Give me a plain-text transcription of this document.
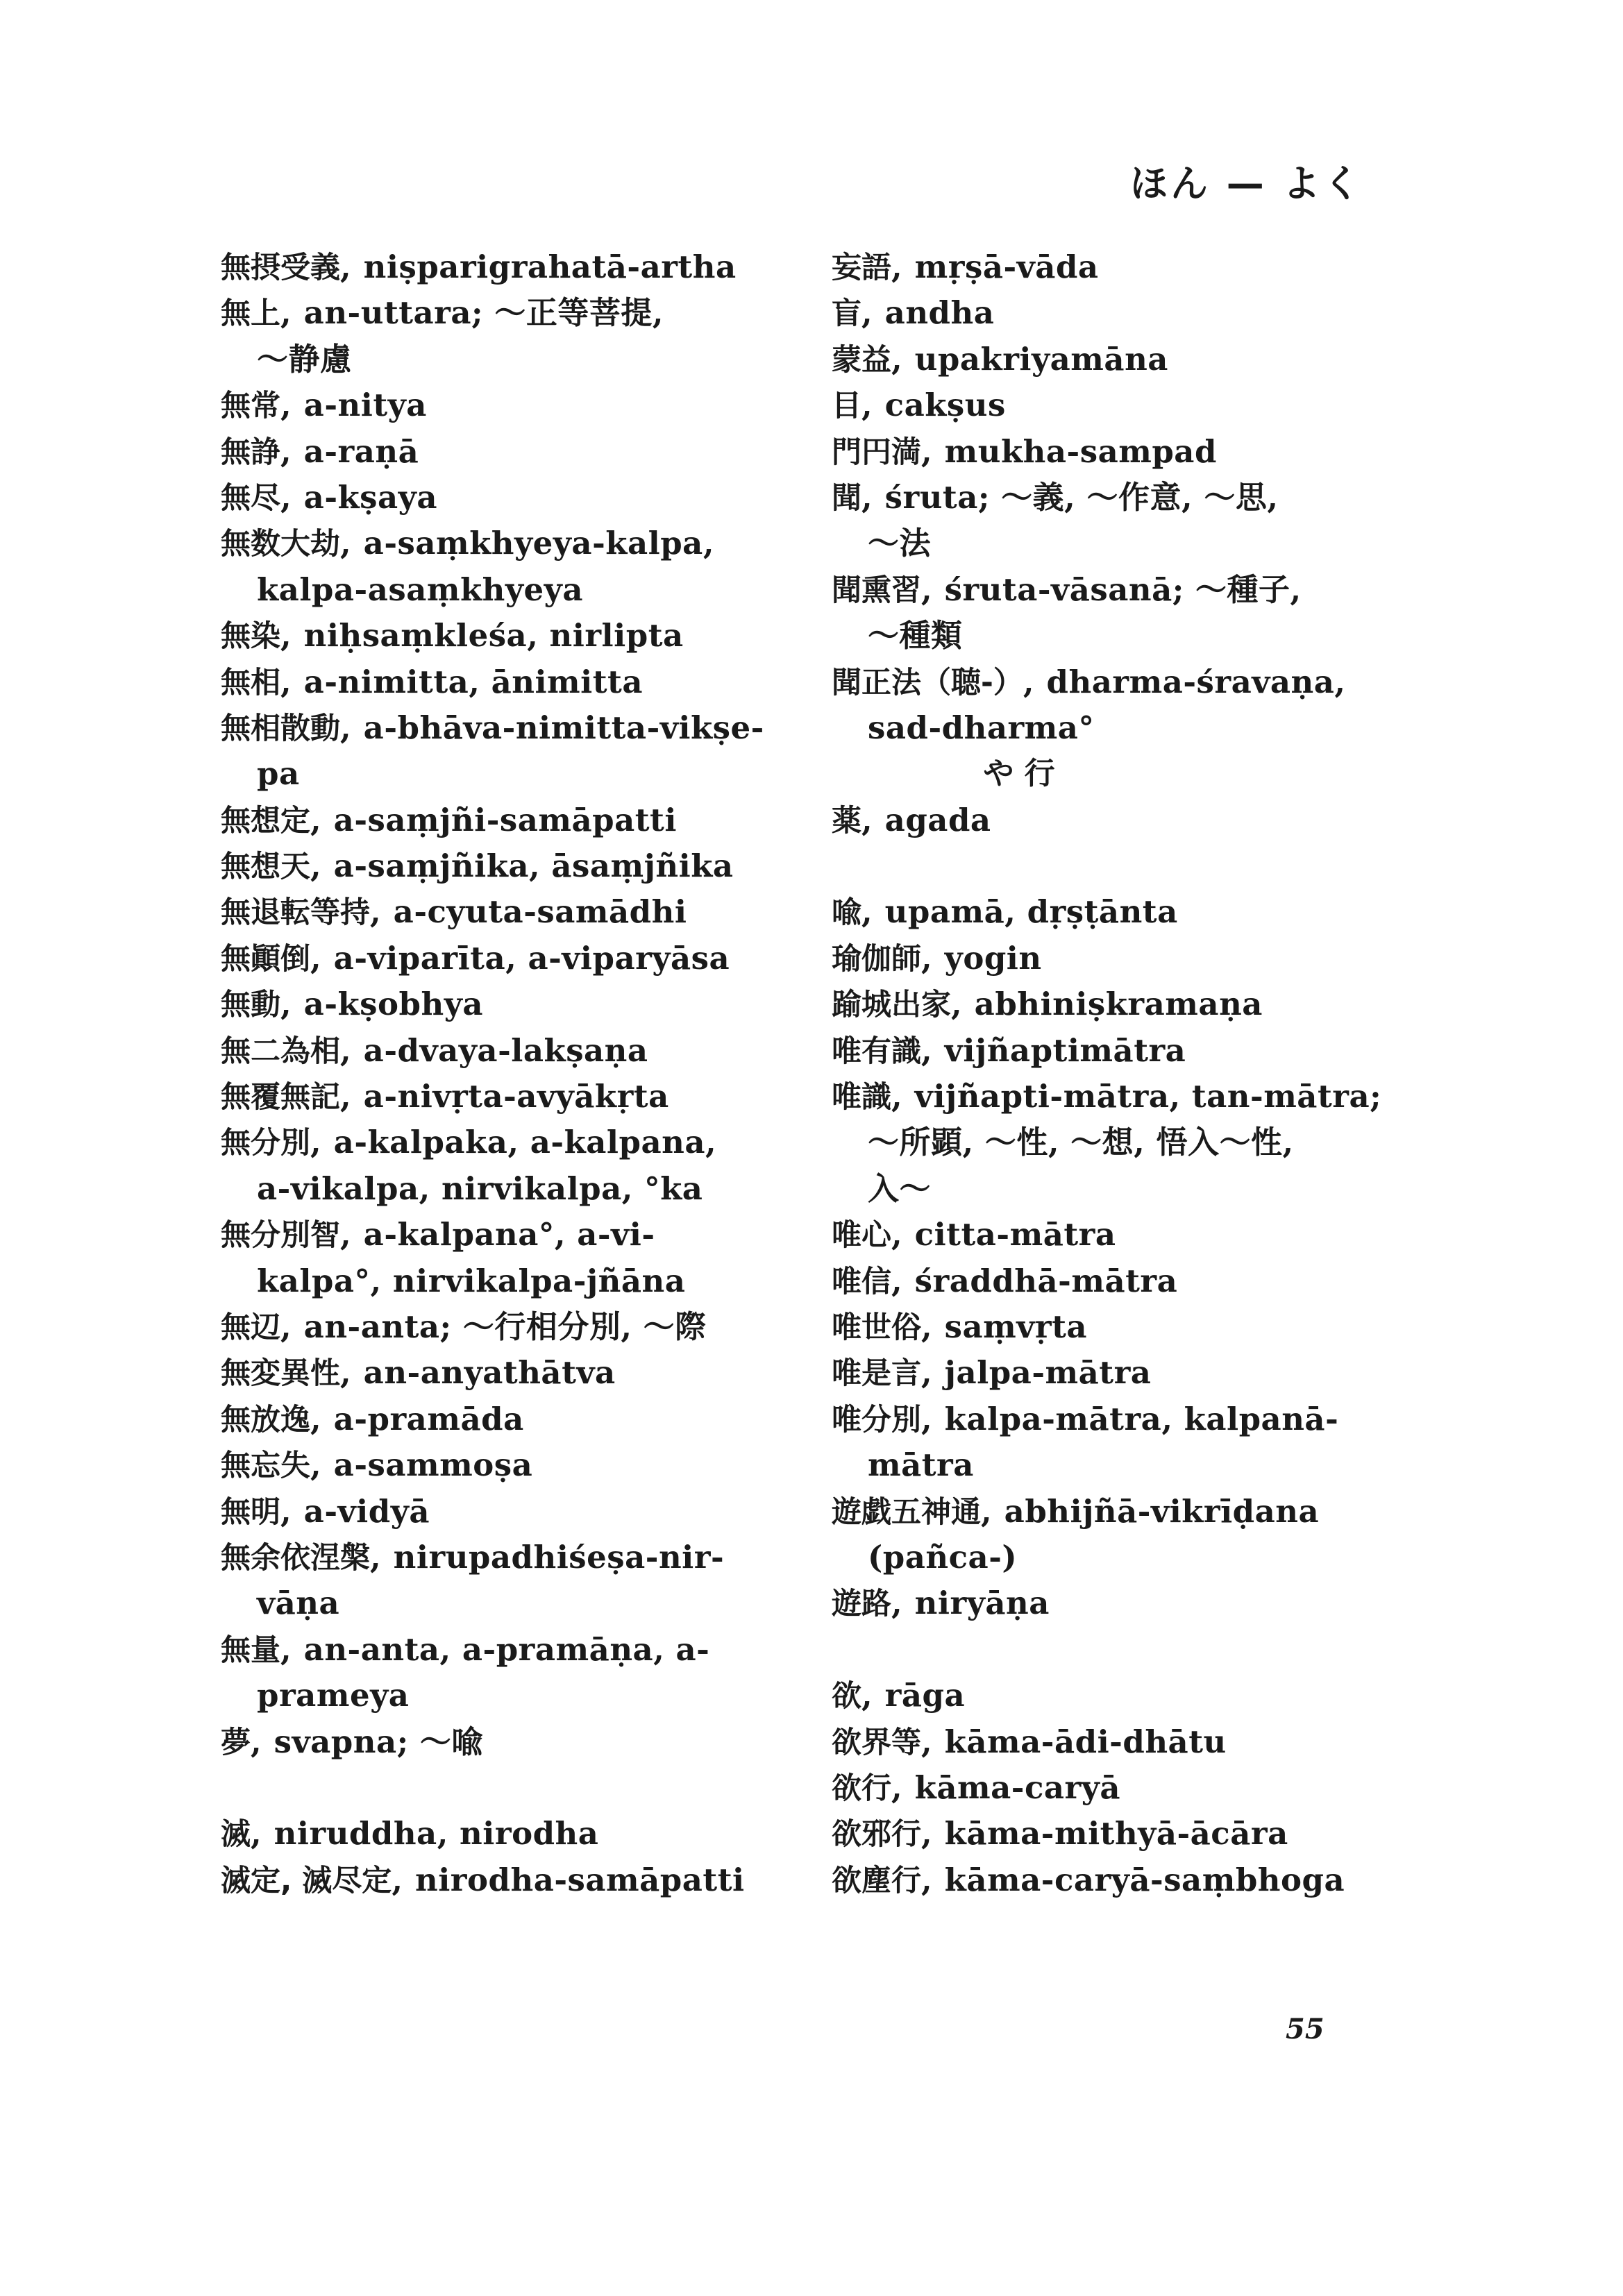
ほん — よく
無摂受義, niṣparigrahatā-artha
無上, an-uttara; ～正等菩提,
～静慮
無常, a-nitya
無諍, a-raṇā
無尽, a-kṣaya
無数大劫, a-saṃkhyeya-kalpa,
kalpa-asaṃkhyeya
無染, niḥsaṃkleśa, nirlipta
無相, a-nimitta, ānimitta
無相散動, a-bhāva-nimitta-vikṣe-
pa
無想定, a-saṃjñi-samāpatti
無想天, a-saṃjñika, āsaṃjñika
無退転等持, a-cyuta-samādhi
無顚倒, a-viparīta, a-viparyāsa
無動, a-kṣobhya
無二為相, a-dvaya-lakṣaṇa
無覆無記, a-nivṛta-avyākṛta
無分別, a-kalpaka, a-kalpana,
a-vikalpa, nirvikalpa, °ka
無分別智, a-kalpana°, a-vi-
kalpa°, nirvikalpa-jñāna
無辺, an-anta; ～行相分別, ～際
無変異性, an-anyathātva
無放逸, a-pramāda
無忘失, a-sammoṣa
無明, a-vidyā
無余依涅槃, nirupadhiśeṣa-nir-
vāṇa
無量, an-anta, a-pramāṇa, a-
prameya
夢, svapna; ～喩
滅, niruddha, nirodha
滅定, 滅尽定, nirodha-samāpatti
妄語, mṛṣā-vāda
盲, andha
蒙益, upakriyamāna
目, cakṣus
門円満, mukha-sampad
聞, śruta; ～義, ～作意, ～思,
～法
聞熏習, śruta-vāsanā; ～種子,
～種類
聞正法（聴-）, dharma-śravaṇa,
sad-dharma°
や 行
薬, agada
喩, upamā, dṛṣṭānta
瑜伽師, yogin
踰城出家, abhiniṣkramaṇa
唯有識, vijñaptimātra
唯識, vijñapti-mātra, tan-mātra;
～所顕, ～性, ～想, 悟入～性,
入～
唯心, citta-mātra
唯信, śraddhā-mātra
唯世俗, saṃvṛta
唯是言, jalpa-mātra
唯分別, kalpa-mātra, kalpanā-
mātra
遊戯五神通, abhijñā-vikrīḍana
(pañca-)
遊路, niryāṇa
欲, rāga
欲界等, kāma-ādi-dhātu
欲行, kāma-caryā
欲邪行, kāma-mithyā-ācāra
欲塵行, kāma-caryā-saṃbhoga
55
